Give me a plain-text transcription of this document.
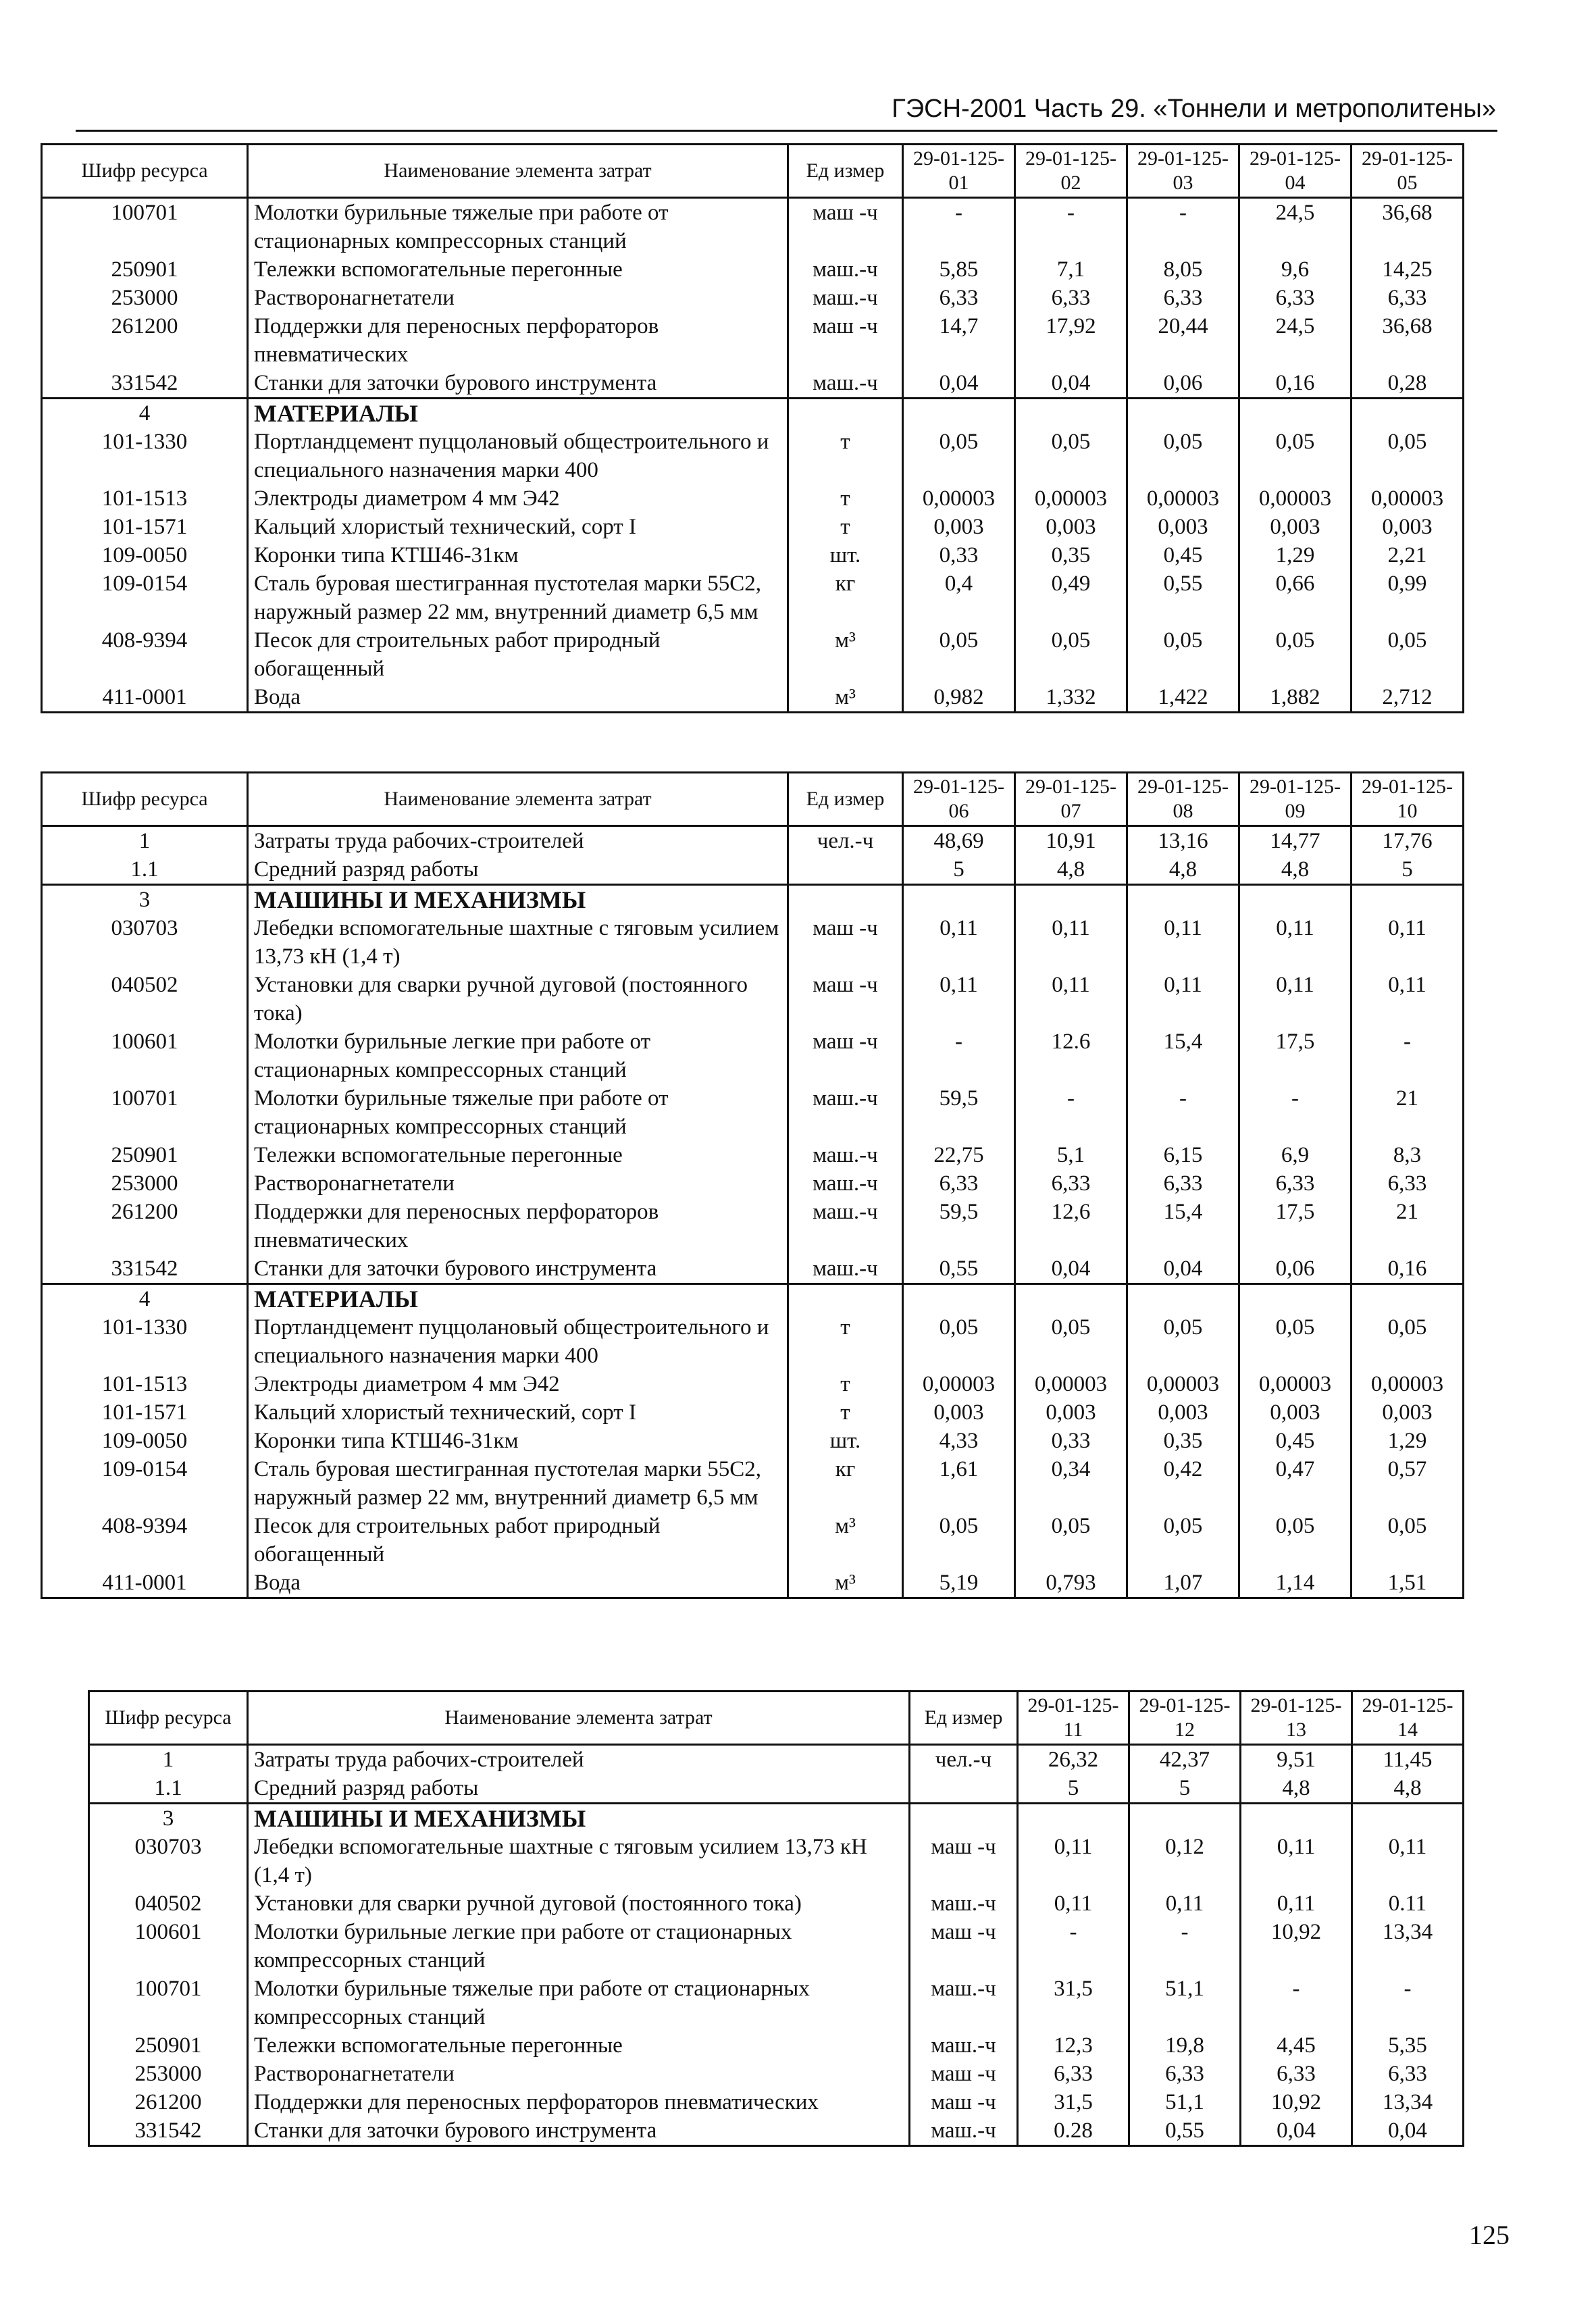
ГЭСН-2001 Часть 29. «Тоннели и метрополитены»
Шифр ресурса	Наименование элемента затрат	Ед измер	29-01-125-01	29-01-125-02	29-01-125-03	29-01-125-04	29-01-125-05
100701	Молотки бурильные тяжелые при работе от стационарных компрессорных станций	маш -ч	-	-	-	24,5	36,68
250901	Тележки вспомогательные перегонные	маш.-ч	5,85	7,1	8,05	9,6	14,25
253000	Растворонагнетатели	маш.-ч	6,33	6,33	6,33	6,33	6,33
261200	Поддержки для переносных перфораторов пневматических	маш -ч	14,7	17,92	20,44	24,5	36,68
331542	Станки для заточки бурового инструмента	маш.-ч	0,04	0,04	0,06	0,16	0,28
4	МАТЕРИАЛЫ						
101-1330	Портландцемент пуццолановый общестроительного и специального назначения марки 400	т	0,05	0,05	0,05	0,05	0,05
101-1513	Электроды диаметром 4 мм Э42	т	0,00003	0,00003	0,00003	0,00003	0,00003
101-1571	Кальций хлористый технический, сорт I	т	0,003	0,003	0,003	0,003	0,003
109-0050	Коронки типа КТШ46-31км	шт.	0,33	0,35	0,45	1,29	2,21
109-0154	Сталь буровая шестигранная пустотелая марки 55С2, наружный размер 22 мм, внутренний диаметр 6,5 мм	кг	0,4	0,49	0,55	0,66	0,99
408-9394	Песок для строительных работ природный обогащенный	м³	0,05	0,05	0,05	0,05	0,05
411-0001	Вода	м³	0,982	1,332	1,422	1,882	2,712
Шифр ресурса	Наименование элемента затрат	Ед измер	29-01-125-06	29-01-125-07	29-01-125-08	29-01-125-09	29-01-125-10
1	Затраты труда рабочих-строителей	чел.-ч	48,69	10,91	13,16	14,77	17,76
1.1	Средний разряд работы		5	4,8	4,8	4,8	5
3	МАШИНЫ И МЕХАНИЗМЫ						
030703	Лебедки вспомогательные шахтные с тяговым усилием 13,73 кН (1,4 т)	маш -ч	0,11	0,11	0,11	0,11	0,11
040502	Установки для сварки ручной дуговой (постоянного тока)	маш -ч	0,11	0,11	0,11	0,11	0,11
100601	Молотки бурильные легкие при работе от стационарных компрессорных станций	маш -ч	-	12.6	15,4	17,5	-
100701	Молотки бурильные тяжелые при работе от стационарных компрессорных станций	маш.-ч	59,5	-	-	-	21
250901	Тележки вспомогательные перегонные	маш.-ч	22,75	5,1	6,15	6,9	8,3
253000	Растворонагнетатели	маш.-ч	6,33	6,33	6,33	6,33	6,33
261200	Поддержки для переносных перфораторов пневматических	маш.-ч	59,5	12,6	15,4	17,5	21
331542	Станки для заточки бурового инструмента	маш.-ч	0,55	0,04	0,04	0,06	0,16
4	МАТЕРИАЛЫ						
101-1330	Портландцемент пуццолановый общестроительного и специального назначения марки 400	т	0,05	0,05	0,05	0,05	0,05
101-1513	Электроды диаметром 4 мм Э42	т	0,00003	0,00003	0,00003	0,00003	0,00003
101-1571	Кальций хлористый технический, сорт I	т	0,003	0,003	0,003	0,003	0,003
109-0050	Коронки типа КТШ46-31км	шт.	4,33	0,33	0,35	0,45	1,29
109-0154	Сталь буровая шестигранная пустотелая марки 55С2, наружный размер 22 мм, внутренний диаметр 6,5 мм	кг	1,61	0,34	0,42	0,47	0,57
408-9394	Песок для строительных работ природный обогащенный	м³	0,05	0,05	0,05	0,05	0,05
411-0001	Вода	м³	5,19	0,793	1,07	1,14	1,51
Шифр ресурса	Наименование элемента затрат	Ед измер	29-01-125-11	29-01-125-12	29-01-125-13	29-01-125-14
1	Затраты труда рабочих-строителей	чел.-ч	26,32	42,37	9,51	11,45
1.1	Средний разряд работы		5	5	4,8	4,8
3	МАШИНЫ И МЕХАНИЗМЫ					
030703	Лебедки вспомогательные шахтные с тяговым усилием 13,73 кН (1,4 т)	маш -ч	0,11	0,12	0,11	0,11
040502	Установки для сварки ручной дуговой (постоянного тока)	маш.-ч	0,11	0,11	0,11	0.11
100601	Молотки бурильные легкие при работе от стационарных компрессорных станций	маш -ч	-	-	10,92	13,34
100701	Молотки бурильные тяжелые при работе от стационарных компрессорных станций	маш.-ч	31,5	51,1	-	-
250901	Тележки вспомогательные перегонные	маш.-ч	12,3	19,8	4,45	5,35
253000	Растворонагнетатели	маш -ч	6,33	6,33	6,33	6,33
261200	Поддержки для переносных перфораторов пневматических	маш -ч	31,5	51,1	10,92	13,34
331542	Станки для заточки бурового инструмента	маш.-ч	0.28	0,55	0,04	0,04
125
